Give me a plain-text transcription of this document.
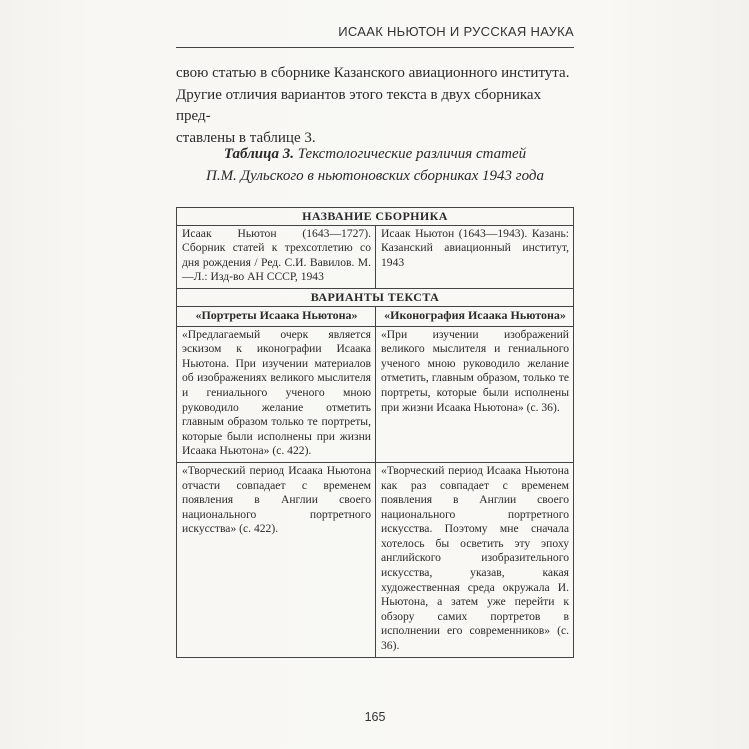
ИСААК НЬЮТОН И РУССКАЯ НАУКА

свою статью в сборнике Казанского авиационного института.

Другие отличия вариантов этого текста в двух сборниках пред-

ставлены в таблице 3.

Таблица 3. Текстологические различия статей
П.М. Дульского в ньютоновских сборниках 1943 года
НАЗВАНИЕ СБОРНИКА	
Исаак Ньютон (1643—1727). Сборник статей к трехсотлетию со дня рождения / Ред. С.И. Вавилов. М.—Л.: Изд-во АН СССР, 1943	Исаак Ньютон (1643—1943). Казань: Казанский авиационный институт, 1943
ВАРИАНТЫ ТЕКСТА	
«Портреты Исаака Ньютона»	«Иконография Исаака Ньютона»
«Предлагаемый очерк является эскизом к иконографии Исаака Ньютона. При изучении материалов об изображениях великого мыслителя и гениального ученого мною руководило желание отметить главным образом только те портреты, которые были исполнены при жизни Исаака Ньютона» (с. 422).	«При изучении изображений великого мыслителя и гениального ученого мною руководило желание отметить, главным образом, только те портреты, которые были исполнены при жизни Исаака Ньютона» (с. 36).
«Творческий период Исаака Ньютона отчасти совпадает с временем появления в Англии своего национального портретного искусства» (с. 422).	«Творческий период Исаака Ньютона как раз совпадает с временем появления в Англии своего национального портретного искусства. Поэтому мне сначала хотелось бы осветить эту эпоху английского изобразительного искусства, указав, какая художественная среда окружала И. Ньютона, а затем уже перейти к обзору самих портретов в исполнении его современников» (с. 36).
165
